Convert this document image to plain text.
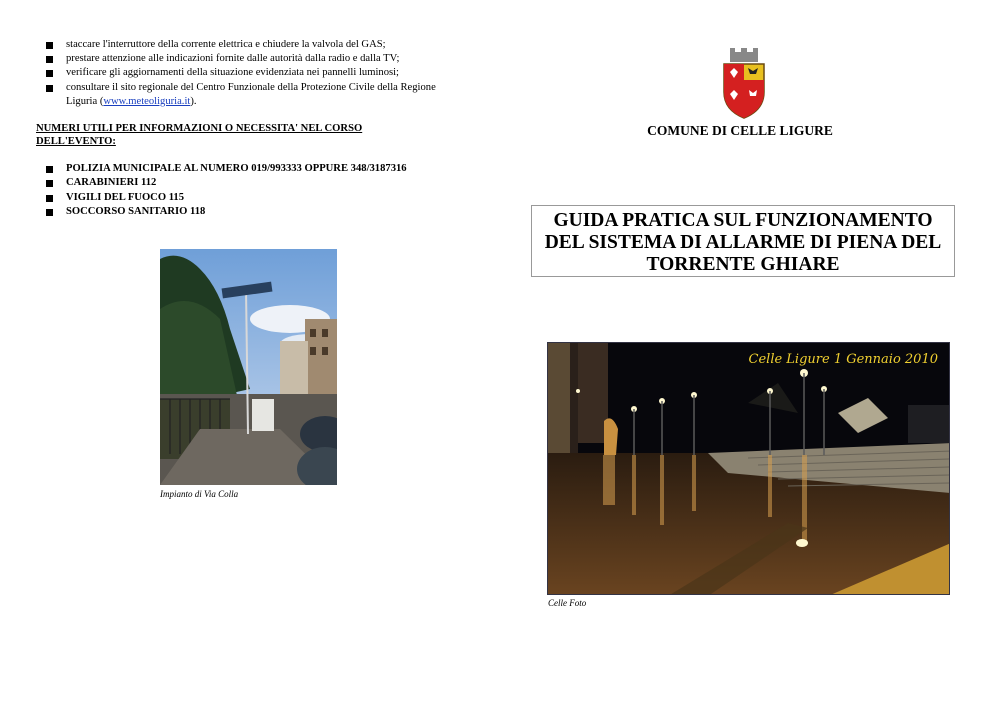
staccare l'interruttore della corrente elettrica e chiudere la valvola del GAS;
prestare attenzione alle indicazioni fornite dalle autorità dalla radio e dalla TV;
verificare gli aggiornamenti della situazione evidenziata nei pannelli luminosi;
consultare il sito regionale del Centro Funzionale della Protezione Civile della Regione Liguria (www.meteoliguria.it).
NUMERI UTILI PER INFORMAZIONI O NECESSITA' NEL CORSO DELL'EVENTO:
POLIZIA MUNICIPALE AL NUMERO 019/993333 OPPURE 348/3187316
CARABINIERI 112
VIGILI DEL FUOCO 115
SOCCORSO SANITARIO 118
Impianto di Via Colla
COMUNE DI CELLE LIGURE
GUIDA PRATICA SUL FUNZIONAMENTO
DEL SISTEMA DI ALLARME DI PIENA DEL
TORRENTE GHIARE
Celle Ligure 1 Gennaio 2010
Celle Foto
